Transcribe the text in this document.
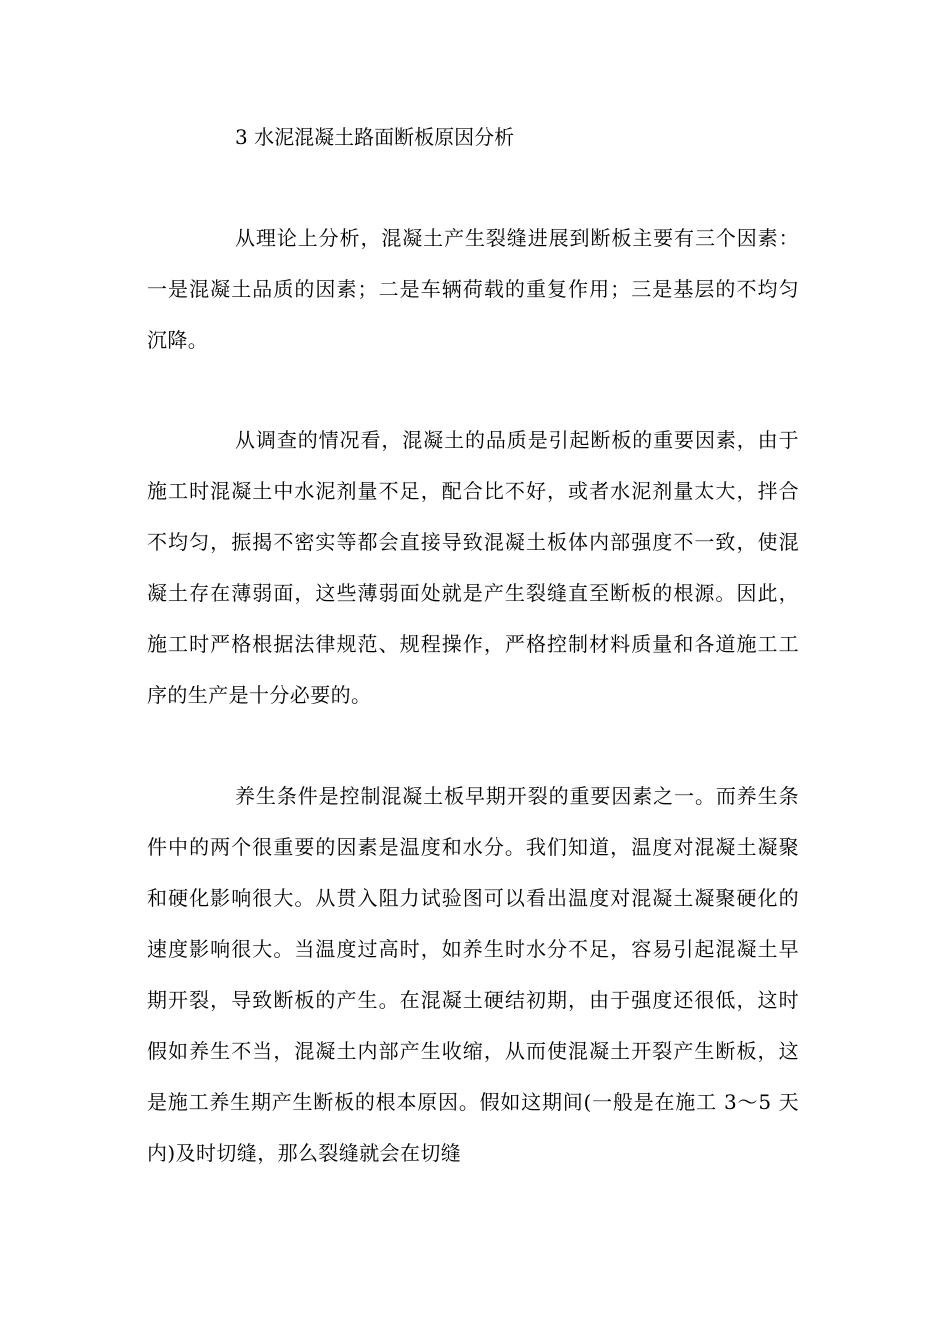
3 水泥混凝土路面断板原因分析

从理论上分析，混凝土产生裂缝进展到断板主要有三个因素：一是混凝土品质的因素；二是车辆荷载的重复作用；三是基层的不均匀沉降。

从调查的情况看，混凝土的品质是引起断板的重要因素，由于施工时混凝土中水泥剂量不足，配合比不好，或者水泥剂量太大，拌合不均匀，振揭不密实等都会直接导致混凝土板体内部强度不一致，使混凝土存在薄弱面，这些薄弱面处就是产生裂缝直至断板的根源。因此，施工时严格根据法律规范、规程操作，严格控制材料质量和各道施工工序的生产是十分必要的。

养生条件是控制混凝土板早期开裂的重要因素之一。而养生条件中的两个很重要的因素是温度和水分。我们知道，温度对混凝土凝聚和硬化影响很大。从贯入阻力试验图可以看出温度对混凝土凝聚硬化的速度影响很大。当温度过高时，如养生时水分不足，容易引起混凝土早期开裂，导致断板的产生。在混凝土硬结初期，由于强度还很低，这时假如养生不当，混凝土内部产生收缩，从而使混凝土开裂产生断板，这是施工养生期产生断板的根本原因。假如这期间(一般是在施工 3～5 天内)及时切缝，那么裂缝就会在切缝
